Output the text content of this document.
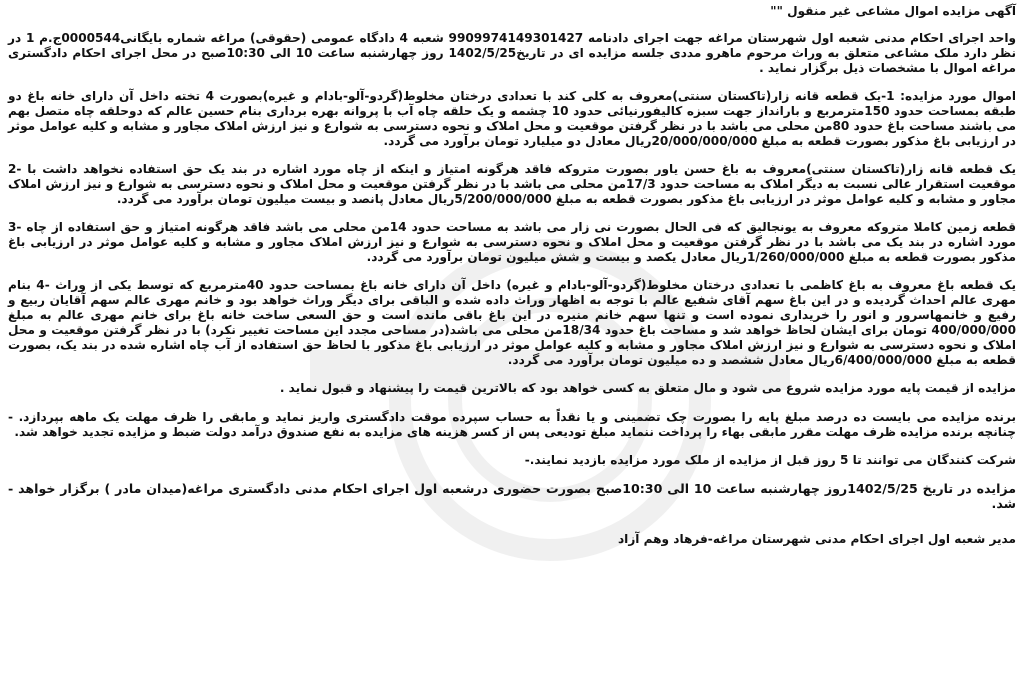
آگهی مزایده اموال مشاعی غیر منقول ""

واحد اجرای احکام مدنی شعبه اول شهرستان مراغه جهت اجرای دادنامه 9909974149301427 شعبه 4 دادگاه عمومی (حقوقی) مراغه شماره بایگانی0000544ج.م 1 در نظر دارد ملک مشاعی متعلق به وراث مرحوم ماهرو مددی جلسه مزایده ای در تاریخ1402/5/25 روز چهارشنبه ساعت 10 الی 10:30صبح در محل اجرای احکام دادگستری مراغه اموال با مشخصات ذیل برگزار نماید .

اموال مورد مزایده: 1-یک قطعه قانه زار(تاکستان سنتی)معروف به کلی کند با تعدادی درختان مخلوط(گردو-آلو-بادام و غیره)بصورت 4 تخته داخل آن دارای خانه باغ دو طبقه بمساحت حدود 150مترمربع و بارانداز جهت سبزه کالیفورنیائی حدود 10 چشمه و یک حلقه چاه آب با پروانه بهره برداری بنام حسین عالم که دوحلقه چاه متصل بهم می باشند مساحت باغ حدود 80من محلی می باشد با در نظر گرفتن موقعیت و محل املاک و نحوه دسترسی به شوارع و نیز ارزش املاک مجاور و مشابه و کلیه عوامل موثر در ارزیابی باغ مذکور بصورت قطعه به مبلغ 20/000/000/000ریال معادل دو میلیارد تومان برآورد می گردد.

یک قطعه قانه زار(تاکستان سنتی)معروف به باغ حسن یاور بصورت متروکه فاقد هرگونه امتیاز و اینکه از چاه مورد اشاره در بند یک حق استفاده نخواهد داشت با -2 موقعیت استقرار عالی نسبت به دیگر املاک به مساحت حدود 17/3من محلی می باشد با در نظر گرفتن موقعیت و محل املاک و نحوه دسترسی به شوارع و نیز ارزش املاک مجاور و مشابه و کلیه عوامل موثر در ارزیابی باغ مذکور بصورت قطعه به مبلغ 5/200/000/000ریال معادل پانصد و بیست میلیون تومان برآورد می گردد.

قطعه زمین کاملا متروکه معروف به یونجالیق که فی الحال بصورت نی زار می باشد به مساحت حدود 14من محلی می باشد فاقد هرگونه امتیاز و حق استفاده از چاه -3 مورد اشاره در بند یک می باشد با در نظر گرفتن موقعیت و محل املاک و نحوه دسترسی به شوارع و نیز ارزش املاک مجاور و مشابه و کلیه عوامل موثر در ارزیابی باغ مذکور بصورت قطعه به مبلغ 1/260/000/000ریال معادل یکصد و بیست و شش میلیون تومان برآورد می گردد.

یک قطعه باغ معروف به باغ کاظمی با تعدادی درختان مخلوط(گردو-آلو-بادام و غیره) داخل آن دارای خانه باغ بمساحت حدود 40مترمربع که توسط یکی از وراث -4 بنام مهری عالم احداث گردیده و در این باغ سهم آقای شفیع عالم با توجه به اظهار وراث داده شده و الباقی برای دیگر وراث خواهد بود و خانم مهری عالم سهم آقایان ربیع و رفیع و خانمهاسرور و انور را خریداری نموده است و تنها سهم خانم منیره در این باغ باقی مانده است و حق السعی ساخت خانه باغ برای خانم مهری عالم به مبلغ 400/000/000 تومان برای ایشان لحاظ خواهد شد و مساحت باغ حدود 18/34من محلی می باشد(در مساحی مجدد این مساحت تغییر نکرد) با در نظر گرفتن موقعیت و محل املاک و نحوه دسترسی به شوارع و نیز ارزش املاک مجاور و مشابه و کلیه عوامل موثر در ارزیابی باغ مذکور با لحاظ حق استفاده از آب چاه اشاره شده در بند یک، بصورت قطعه به مبلغ 6/400/000/000ریال معادل ششصد و ده میلیون تومان برآورد می گردد.

مزایده از قیمت پایه مورد مزایده شروع می شود و مال متعلق به کسی خواهد بود که بالاترین قیمت را پیشنهاد و قبول نماید .

برنده مزایده می بایست ده درصد مبلغ پایه را بصورت چک تضمینی و یا نقداً به حساب سپرده موقت دادگستری واریز نماید و مابقی را ظرف مهلت یک ماهه بپردازد. - چنانچه برنده مزایده ظرف مهلت مقرر مابقی بهاء را پرداخت ننماید مبلغ تودیعی پس از کسر هزینه های مزایده به نفع صندوق درآمد دولت ضبط و مزایده تجدید خواهد شد.

شرکت کنندگان می توانند تا 5 روز قبل از مزایده از ملک مورد مزایده بازدید نمایند.-

مزایده در تاریخ 1402/5/25روز چهارشنبه ساعت 10 الی 10:30صبح بصورت حضوری درشعبه اول اجرای احکام مدنی دادگستری مراغه(میدان مادر ) برگزار خواهد - شد.

مدیر شعبه اول اجرای احکام مدنی شهرستان مراغه-فرهاد وهم آزاد
